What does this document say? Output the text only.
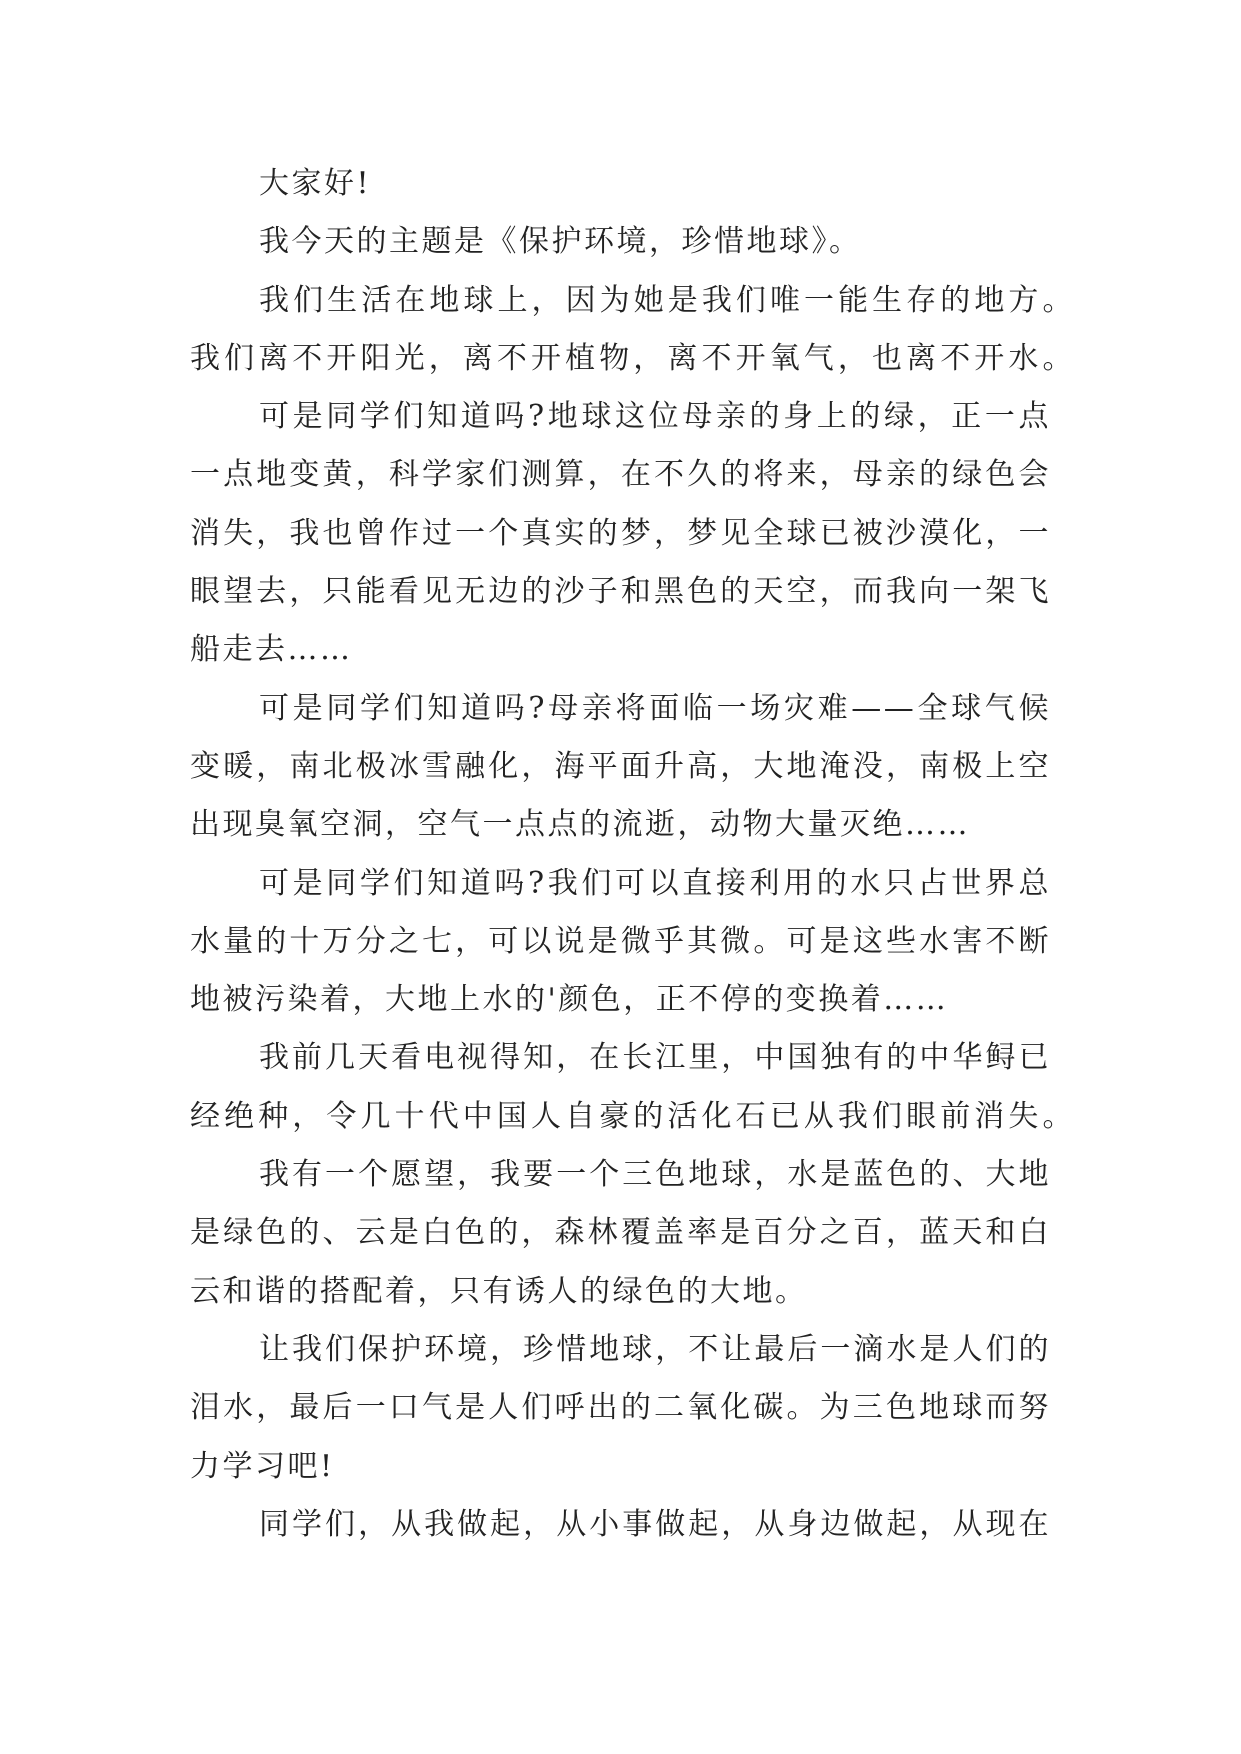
大家好!
我今天的主题是《保护环境，珍惜地球》。
我们生活在地球上，因为她是我们唯一能生存的地方。
我们离不开阳光，离不开植物，离不开氧气，也离不开水。
可是同学们知道吗?地球这位母亲的身上的绿，正一点
一点地变黄，科学家们测算，在不久的将来，母亲的绿色会
消失，我也曾作过一个真实的梦，梦见全球已被沙漠化，一
眼望去，只能看见无边的沙子和黑色的天空，而我向一架飞
船走去……
可是同学们知道吗?母亲将面临一场灾难——全球气候
变暖，南北极冰雪融化，海平面升高，大地淹没，南极上空
出现臭氧空洞，空气一点点的流逝，动物大量灭绝……
可是同学们知道吗?我们可以直接利用的水只占世界总
水量的十万分之七，可以说是微乎其微。可是这些水害不断
地被污染着，大地上水的'颜色，正不停的变换着……
我前几天看电视得知，在长江里，中国独有的中华鲟已
经绝种，令几十代中国人自豪的活化石已从我们眼前消失。
我有一个愿望，我要一个三色地球，水是蓝色的、大地
是绿色的、云是白色的，森林覆盖率是百分之百，蓝天和白
云和谐的搭配着，只有诱人的绿色的大地。
让我们保护环境，珍惜地球，不让最后一滴水是人们的
泪水，最后一口气是人们呼出的二氧化碳。为三色地球而努
力学习吧!
同学们，从我做起，从小事做起，从身边做起，从现在
